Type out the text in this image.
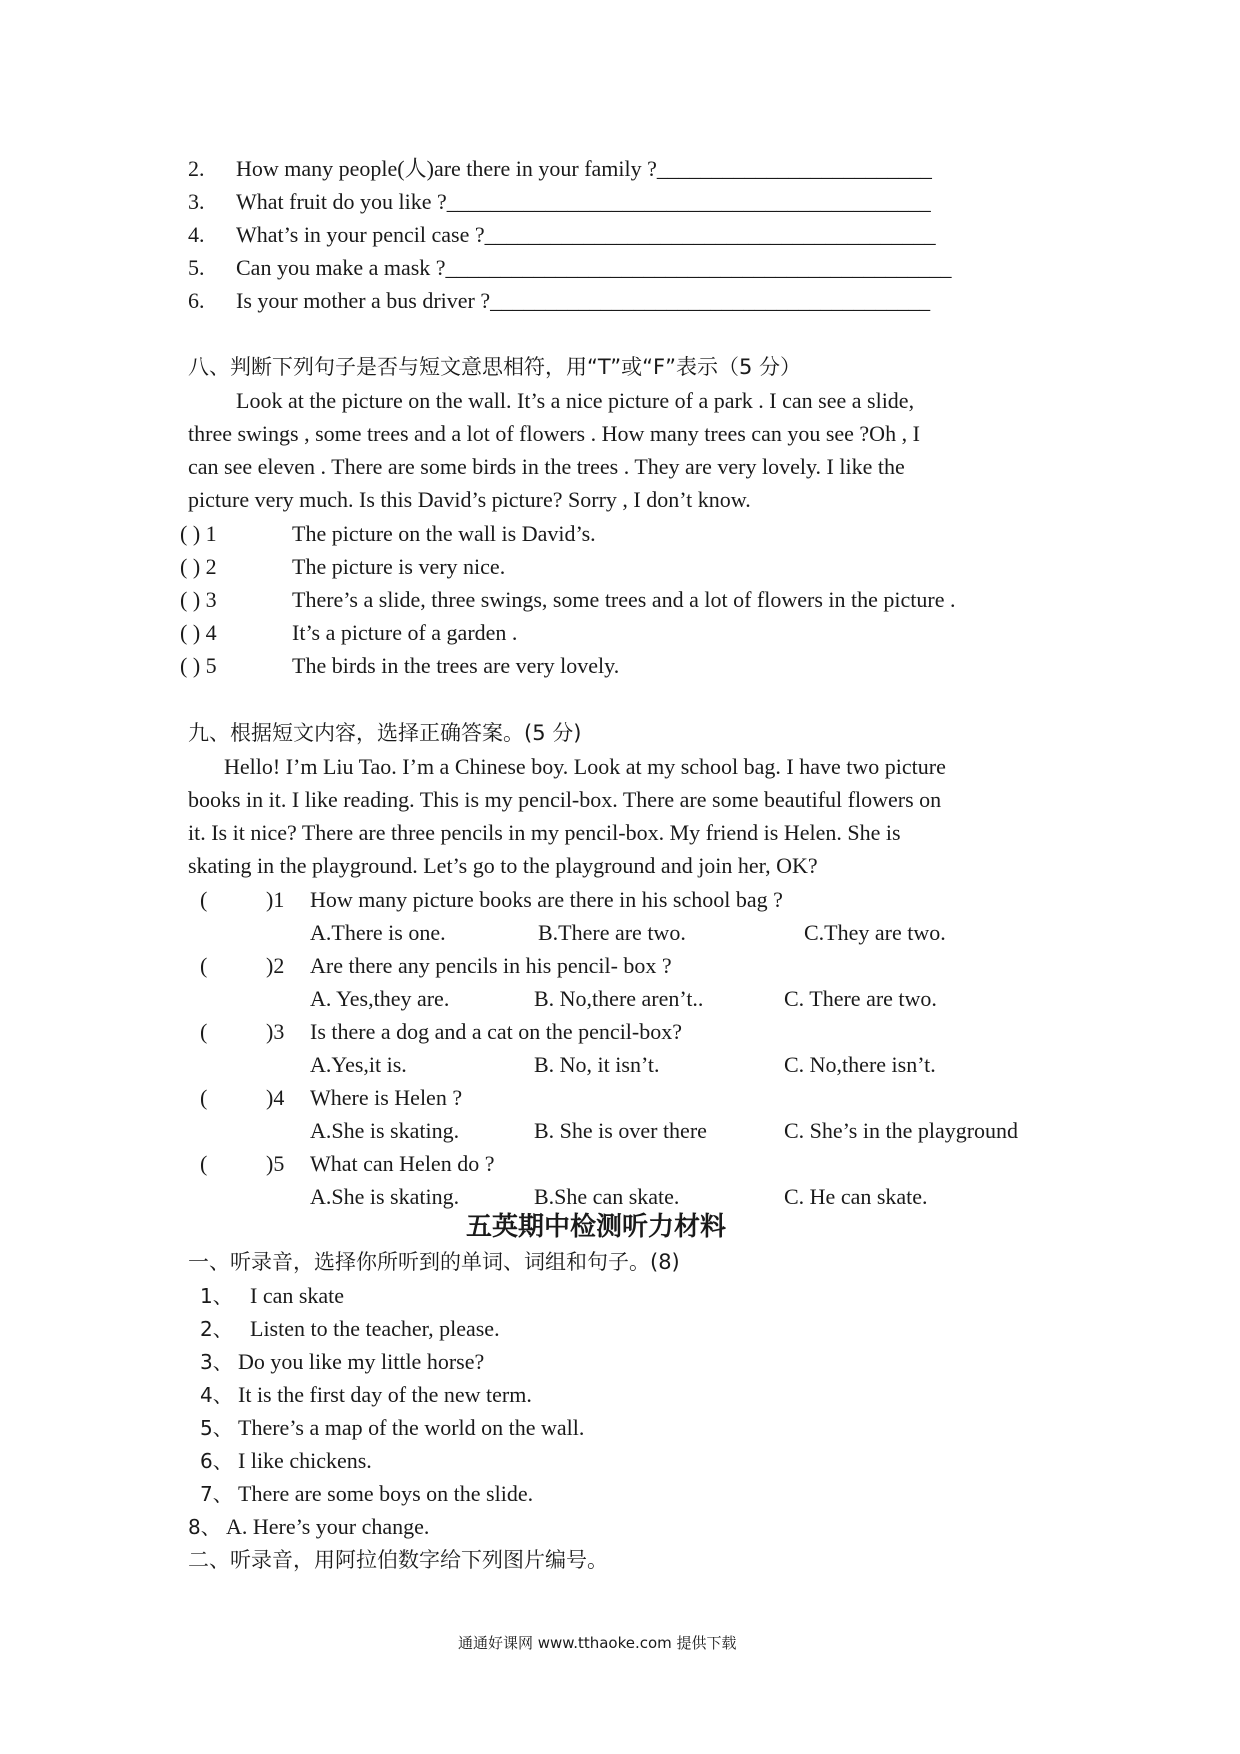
2. How many people(人)are there in your family ?_________________________
3. What fruit do you like ?____________________________________________
4. What’s in your pencil case ?_________________________________________
5. Can you make a mask ?______________________________________________
6. Is your mother a bus driver ?________________________________________
八、判断下列句子是否与短文意思相符，用“T”或“F”表示（5 分）
Look at the picture on the wall. It’s a nice picture of a park . I can see a slide,
three swings , some trees and a lot of flowers . How many trees can you see ?Oh , I
can see eleven . There are some birds in the trees . They are very lovely. I like the
picture very much. Is this David’s picture? Sorry , I don’t know.
( ) 1	The picture on the wall is David’s.
( ) 2	The picture is very nice.
( ) 3	There’s a slide, three swings, some trees and a lot of flowers in the picture .
( ) 4	It’s a picture of a garden .
( ) 5	The birds in the trees are very lovely.
九、根据短文内容，选择正确答案。(5 分)
Hello! I’m Liu Tao. I’m a Chinese boy. Look at my school bag. I have two picture
books in it. I like reading. This is my pencil-box. There are some beautiful flowers on
it. Is it nice? There are three pencils in my pencil-box. My friend is Helen. She is
skating in the playground. Let’s go to the playground and join her, OK?
(	)1 How many picture books are there in his school bag ?
A.There is one.	B.There are two.	C.They are two.
(	)2 Are there any pencils in his pencil- box ?
A. Yes,they are.	B. No,there aren’t..	C. There are two.
(	)3 Is there a dog and a cat on the pencil-box?
A.Yes,it is.	B. No, it isn’t.	C. No,there isn’t.
(	)4 Where is Helen ?
A.She is skating.	B. She is over there	C. She’s in the playground
(	)5 What can Helen do ?
A.She is skating.	B.She can skate.	C. He can skate.
五英期中检测听力材料
一、听录音，选择你所听到的单词、词组和句子。(8)
1、 I can skate
2、 Listen to the teacher, please.
3、 Do you like my little horse?
4、 It is the first day of the new term.
5、 There’s a map of the world on the wall.
6、 I like chickens.
7、 There are some boys on the slide.
8、 A. Here’s your change.
二、听录音，用阿拉伯数字给下列图片编号。
通通好课网 www.tthaoke.com 提供下载
